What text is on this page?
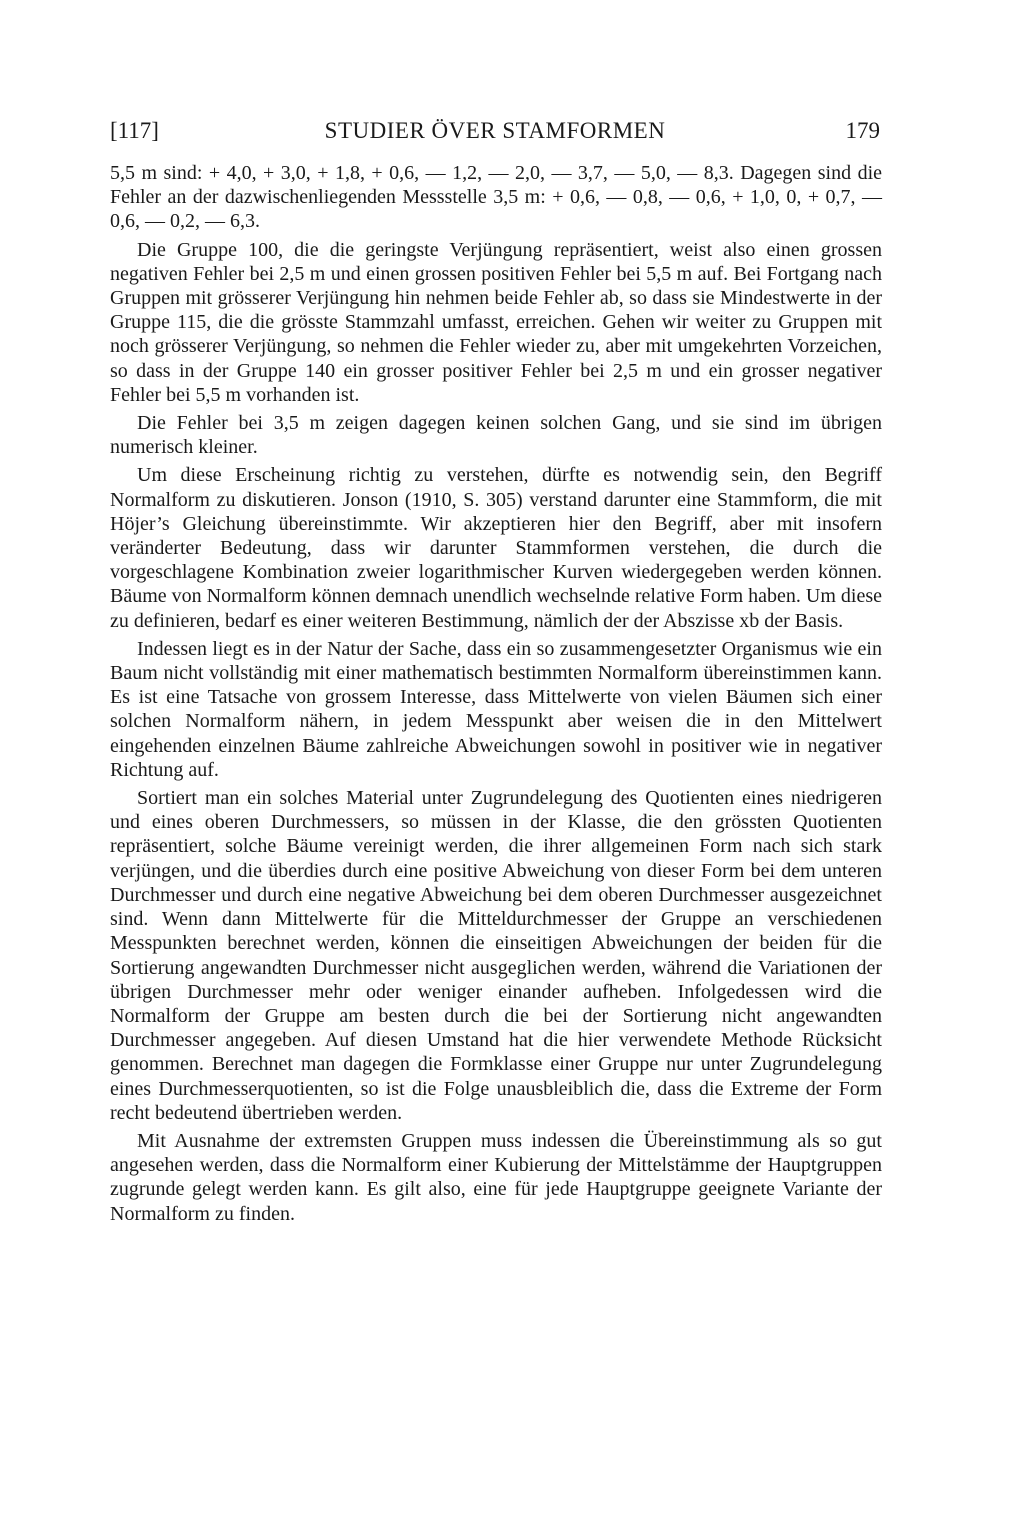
[117]	STUDIER ÖVER STAMFORMEN	179

5,5 m sind: + 4,0, + 3,0, + 1,8, + 0,6, — 1,2, — 2,0, — 3,7, — 5,0, — 8,3. Dagegen sind die Fehler an der dazwischenliegenden Messstelle 3,5 m: + 0,6, — 0,8, — 0,6, + 1,0, 0, + 0,7, — 0,6, — 0,2, — 6,3.

Die Gruppe 100, die die geringste Verjüngung repräsentiert, weist also einen grossen negativen Fehler bei 2,5 m und einen grossen positiven Fehler bei 5,5 m auf. Bei Fortgang nach Gruppen mit grösserer Verjüngung hin nehmen beide Fehler ab, so dass sie Mindestwerte in der Gruppe 115, die die grösste Stammzahl umfasst, erreichen. Gehen wir weiter zu Gruppen mit noch grösserer Verjüngung, so nehmen die Fehler wieder zu, aber mit umgekehrten Vorzeichen, so dass in der Gruppe 140 ein grosser positiver Fehler bei 2,5 m und ein grosser negativer Fehler bei 5,5 m vorhanden ist.

Die Fehler bei 3,5 m zeigen dagegen keinen solchen Gang, und sie sind im übrigen numerisch kleiner.

Um diese Erscheinung richtig zu verstehen, dürfte es notwendig sein, den Begriff Normalform zu diskutieren. Jonson (1910, S. 305) verstand darunter eine Stammform, die mit Höjer’s Gleichung übereinstimmte. Wir akzeptieren hier den Begriff, aber mit insofern veränderter Bedeutung, dass wir darunter Stammformen verstehen, die durch die vorgeschlagene Kombination zweier logarithmischer Kurven wiedergegeben werden können. Bäume von Normalform können demnach unendlich wechselnde relative Form haben. Um diese zu definieren, bedarf es einer weiteren Bestimmung, nämlich der der Abszisse xb der Basis.

Indessen liegt es in der Natur der Sache, dass ein so zusammengesetzter Organismus wie ein Baum nicht vollständig mit einer mathematisch bestimmten Normalform übereinstimmen kann. Es ist eine Tatsache von grossem Interesse, dass Mittelwerte von vielen Bäumen sich einer solchen Normalform nähern, in jedem Messpunkt aber weisen die in den Mittelwert eingehenden einzelnen Bäume zahlreiche Abweichungen sowohl in positiver wie in negativer Richtung auf.

Sortiert man ein solches Material unter Zugrundelegung des Quotienten eines niedrigeren und eines oberen Durchmessers, so müssen in der Klasse, die den grössten Quotienten repräsentiert, solche Bäume vereinigt werden, die ihrer allgemeinen Form nach sich stark verjüngen, und die überdies durch eine positive Abweichung von dieser Form bei dem unteren Durchmesser und durch eine negative Abweichung bei dem oberen Durchmesser ausgezeichnet sind. Wenn dann Mittelwerte für die Mitteldurchmesser der Gruppe an verschiedenen Messpunkten berechnet werden, können die einseitigen Abweichungen der beiden für die Sortierung angewandten Durchmesser nicht ausgeglichen werden, während die Variationen der übrigen Durchmesser mehr oder weniger einander aufheben. Infolgedessen wird die Normalform der Gruppe am besten durch die bei der Sortierung nicht angewandten Durchmesser angegeben. Auf diesen Umstand hat die hier verwendete Methode Rücksicht genommen. Berechnet man dagegen die Formklasse einer Gruppe nur unter Zugrundelegung eines Durchmesserquotienten, so ist die Folge unausbleiblich die, dass die Extreme der Form recht bedeutend übertrieben werden.

Mit Ausnahme der extremsten Gruppen muss indessen die Übereinstimmung als so gut angesehen werden, dass die Normalform einer Kubierung der Mittelstämme der Hauptgruppen zugrunde gelegt werden kann. Es gilt also, eine für jede Hauptgruppe geeignete Variante der Normalform zu finden.
